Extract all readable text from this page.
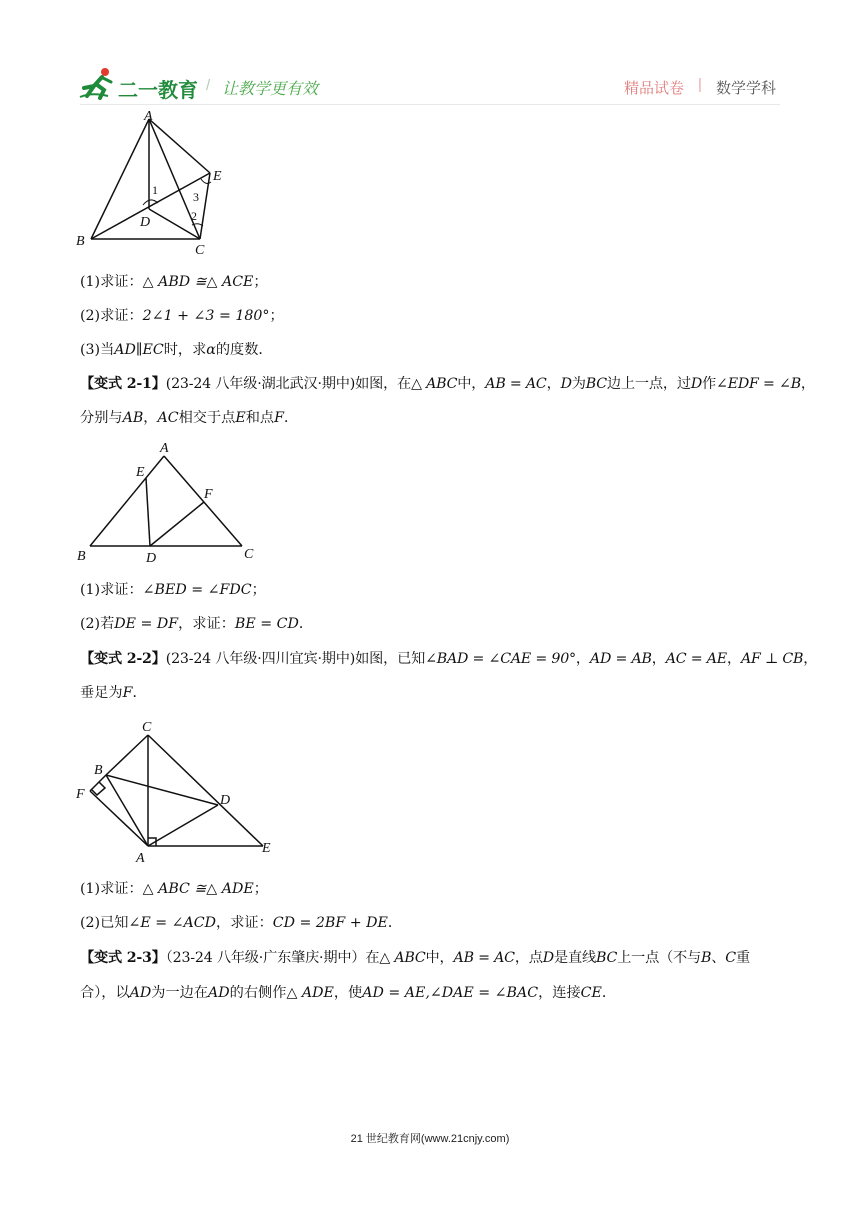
二一教育 / 让教学更有效	精品试卷 | 数学学科
A
B
C
D
E
1
2
3
(1)求证：△ ABD ≅△ ACE；
(2)求证：2∠1 + ∠3 = 180°；
(3)当AD∥EC时，求α的度数．
【变式 2-1】(23-24 八年级·湖北武汉·期中)如图，在△ ABC中，AB = AC，D为BC边上一点，过D作∠EDF = ∠B，
分别与AB，AC相交于点E和点F．
A
E
F
B	D	C
(1)求证：∠BED = ∠FDC；
(2)若DE = DF，求证：BE = CD．
【变式 2-2】(23-24 八年级·四川宜宾·期中)如图，已知∠BAD = ∠CAE = 90°，AD = AB，AC = AE，AF ⊥ CB，
垂足为F．
C
B
F	D
A
E
(1)求证：△ ABC ≅△ ADE；
(2)已知∠E = ∠ACD，求证：CD = 2BF + DE．
【变式 2-3】（23-24 八年级·广东肇庆·期中）在△ ABC中，AB = AC，点D是直线BC上一点（不与B、C重
合），以AD为一边在AD的右侧作△ ADE，使AD = AE,∠DAE = ∠BAC，连接CE．
21 世纪教育网(www.21cnjy.com)
